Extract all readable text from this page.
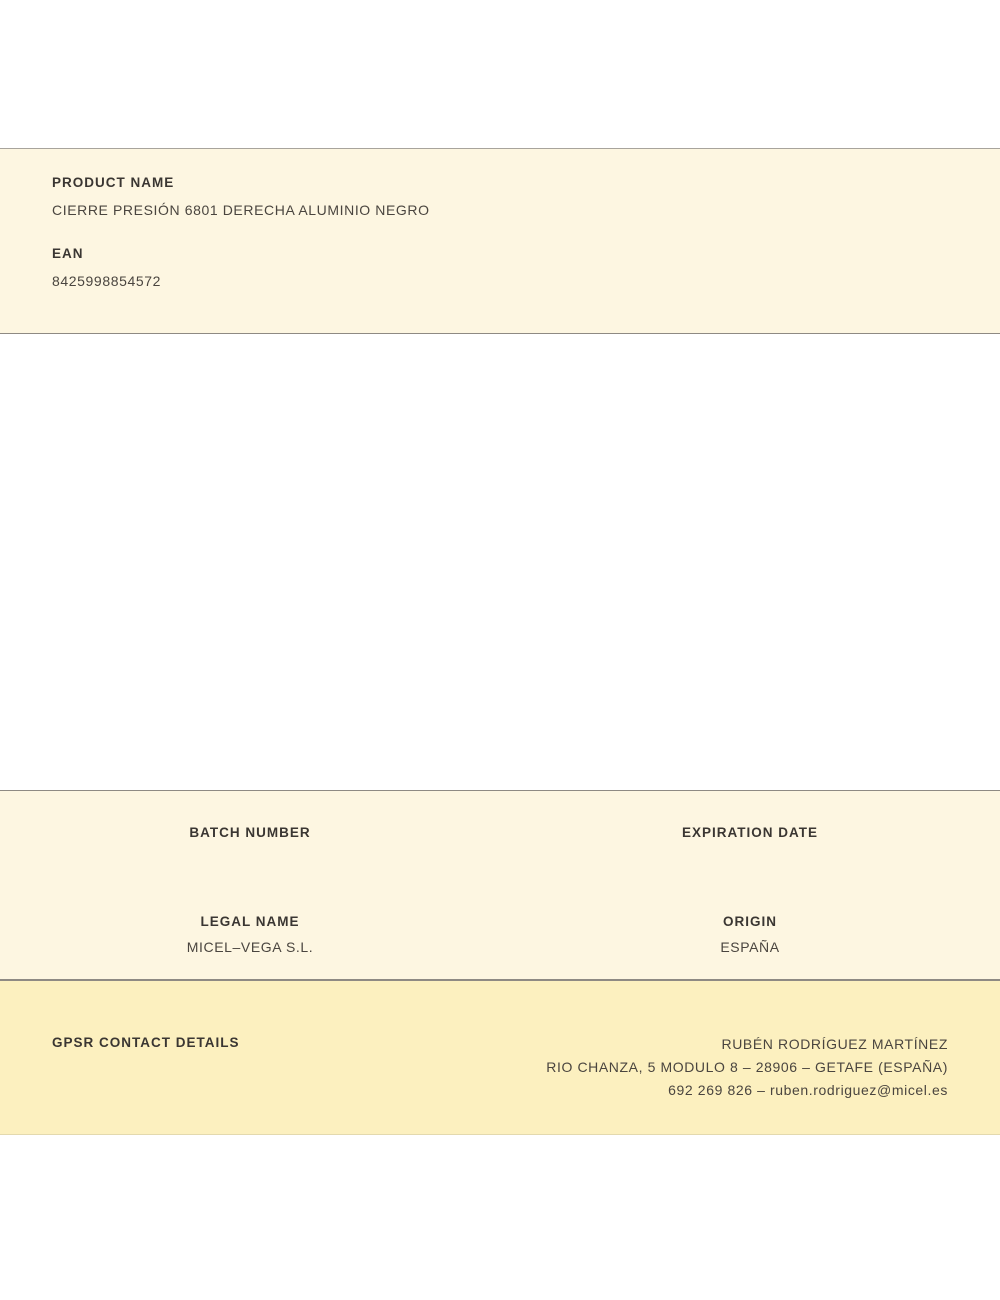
PRODUCT NAME

CIERRE PRESIÓN 6801 DERECHA ALUMINIO NEGRO

EAN

8425998854572

BATCH NUMBER	EXPIRATION DATE

LEGAL NAME

MICEL–VEGA S.L.

ORIGIN

ESPAÑA

GPSR CONTACT DETAILS	RUBÉN RODRÍGUEZ MARTÍNEZ
RIO CHANZA, 5 MODULO 8 – 28906 – GETAFE (ESPAÑA)
692 269 826 – ruben.rodriguez@micel.es
